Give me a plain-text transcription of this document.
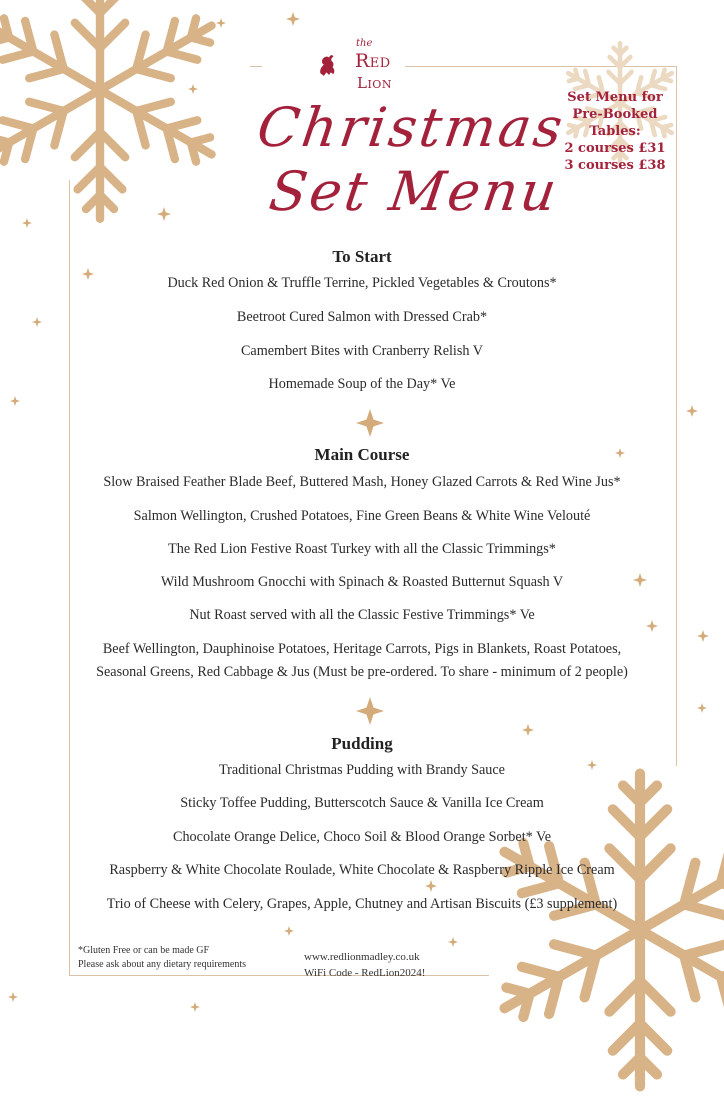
the
Red
Lion
Christmas
Set Menu
Set Menu for
Pre-Booked
Tables:
2 courses £31
3 courses £38
To Start
Duck Red Onion & Truffle Terrine, Pickled Vegetables & Croutons*
Beetroot Cured Salmon with Dressed Crab*
Camembert Bites with Cranberry Relish V
Homemade Soup of the Day* Ve
Main Course
Slow Braised Feather Blade Beef, Buttered Mash, Honey Glazed Carrots & Red Wine Jus*
Salmon Wellington, Crushed Potatoes, Fine Green Beans & White Wine Velouté
The Red Lion Festive Roast Turkey with all the Classic Trimmings*
Wild Mushroom Gnocchi with Spinach & Roasted Butternut Squash V
Nut Roast served with all the Classic Festive Trimmings* Ve
Beef Wellington, Dauphinoise Potatoes, Heritage Carrots, Pigs in Blankets, Roast Potatoes,
Seasonal Greens, Red Cabbage & Jus (Must be pre-ordered. To share - minimum of 2 people)
Pudding
Traditional Christmas Pudding with Brandy Sauce
Sticky Toffee Pudding, Butterscotch Sauce & Vanilla Ice Cream
Chocolate Orange Delice, Choco Soil & Blood Orange Sorbet* Ve
Raspberry & White Chocolate Roulade, White Chocolate & Raspberry Ripple Ice Cream
Trio of Cheese with Celery, Grapes, Apple, Chutney and Artisan Biscuits (£3 supplement)
*Gluten Free or can be made GF
Please ask about any dietary requirements
www.redlionmadley.co.uk
WiFi Code - RedLion2024!
